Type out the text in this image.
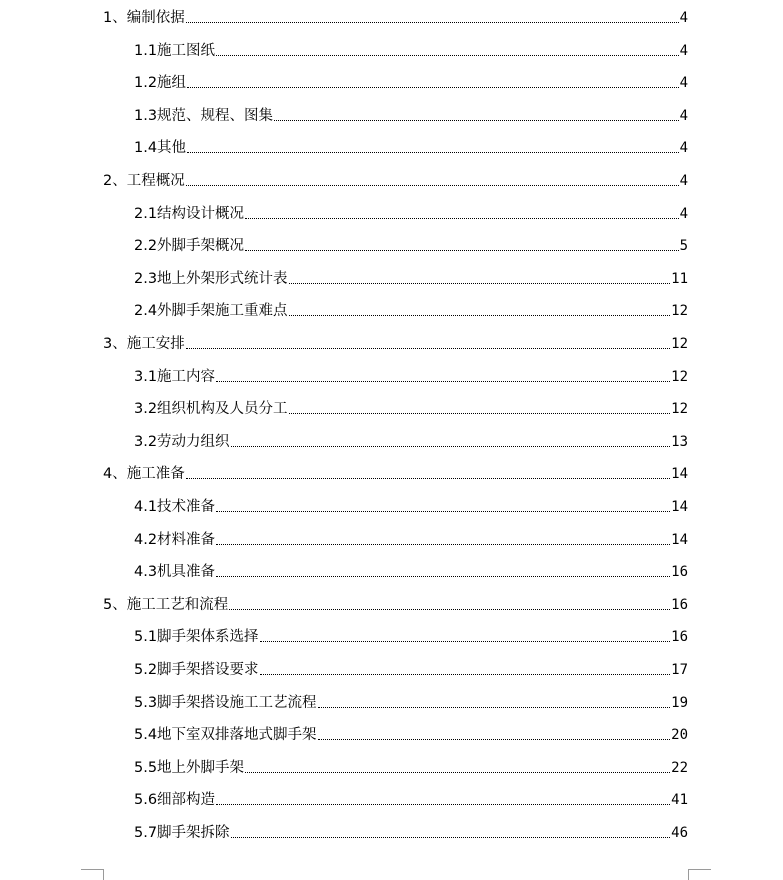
1、编制依据	4
1.1施工图纸	4
1.2施组	4
1.3规范、规程、图集	4
1.4其他	4
2、工程概况	4
2.1结构设计概况	4
2.2外脚手架概况	5
2.3地上外架形式统计表	11
2.4外脚手架施工重难点	12
3、施工安排	12
3.1施工内容	12
3.2组织机构及人员分工	12
3.2劳动力组织	13
4、施工准备	14
4.1技术准备	14
4.2材料准备	14
4.3机具准备	16
5、施工工艺和流程	16
5.1脚手架体系选择	16
5.2脚手架搭设要求	17
5.3脚手架搭设施工工艺流程	19
5.4地下室双排落地式脚手架	20
5.5地上外脚手架	22
5.6细部构造	41
5.7脚手架拆除	46
